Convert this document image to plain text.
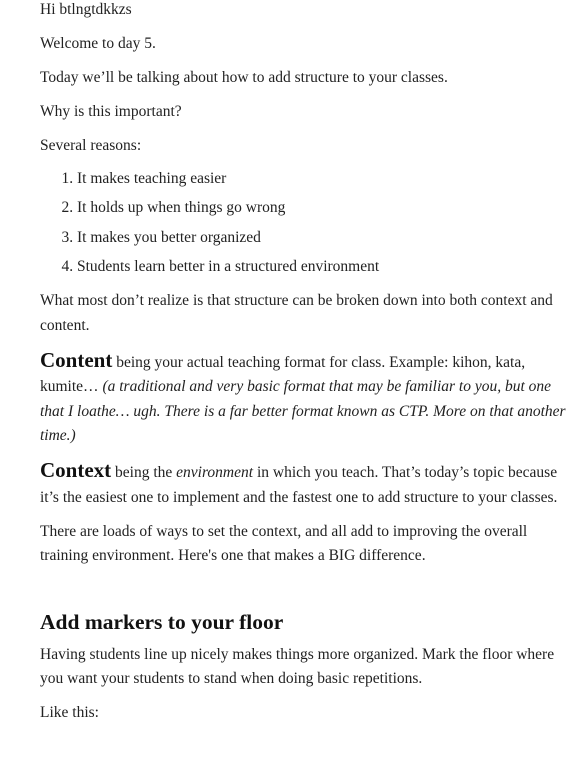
Hi btlngtdkkzs

Welcome to day 5.

Today we’ll be talking about how to add structure to your classes.

Why is this important?

Several reasons:

1. It makes teaching easier
2. It holds up when things go wrong
3. It makes you better organized
4. Students learn better in a structured environment

What most don’t realize is that structure can be broken down into both context and content.

Content being your actual teaching format for class. Example: kihon, kata, kumite… (a traditional and very basic format that may be familiar to you, but one that I loathe… ugh. There is a far better format known as CTP. More on that another time.)

Context being the environment in which you teach. That’s today’s topic because it’s the easiest one to implement and the fastest one to add structure to your classes.

There are loads of ways to set the context, and all add to improving the overall training environment. Here's one that makes a BIG difference.

Add markers to your floor

Having students line up nicely makes things more organized. Mark the floor where you want your students to stand when doing basic repetitions.

Like this:
